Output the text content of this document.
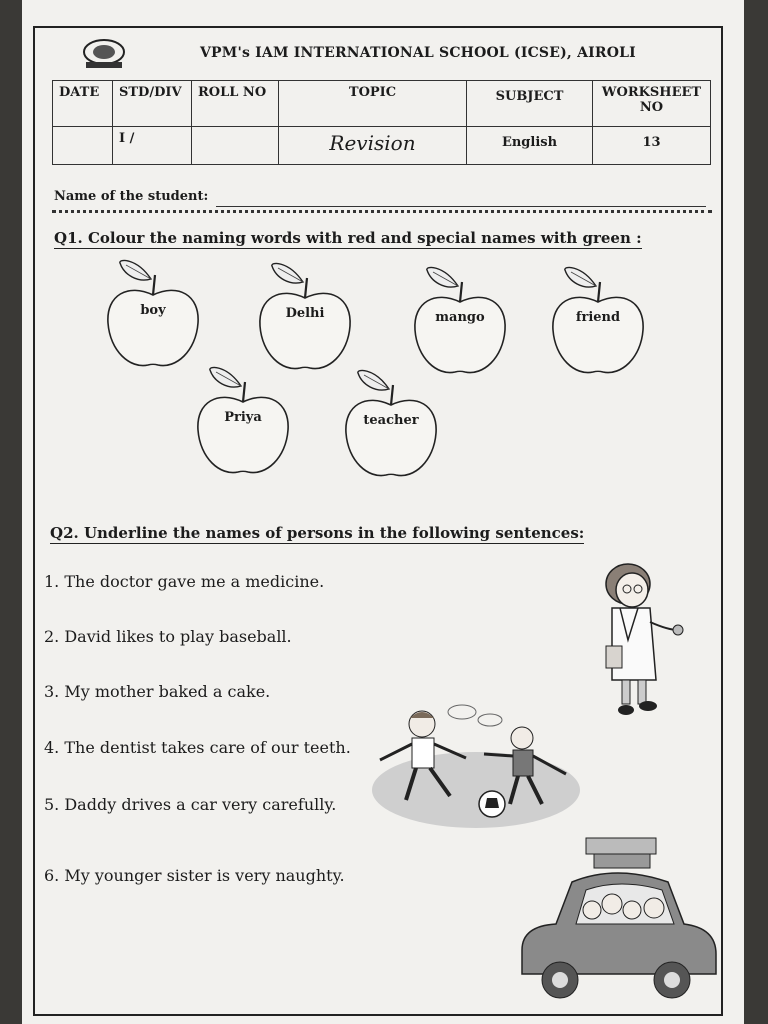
VPM's IAM INTERNATIONAL SCHOOL (ICSE), AIROLI
DATE	STD/DIV	ROLL NO	TOPIC	SUBJECT	WORKSHEET NO
	I /		Revision	English	13
Name of the student:
Q1. Colour the naming words with red and special names with green :
boy	Delhi	mango	friend
Priya	teacher
Q2. Underline the names of persons in the following sentences:
1. The doctor gave me a medicine.
2. David likes to play baseball.
3. My mother baked a cake.
4. The dentist takes care of our teeth.
5. Daddy drives a car very carefully.
6. My younger sister is very naughty.
